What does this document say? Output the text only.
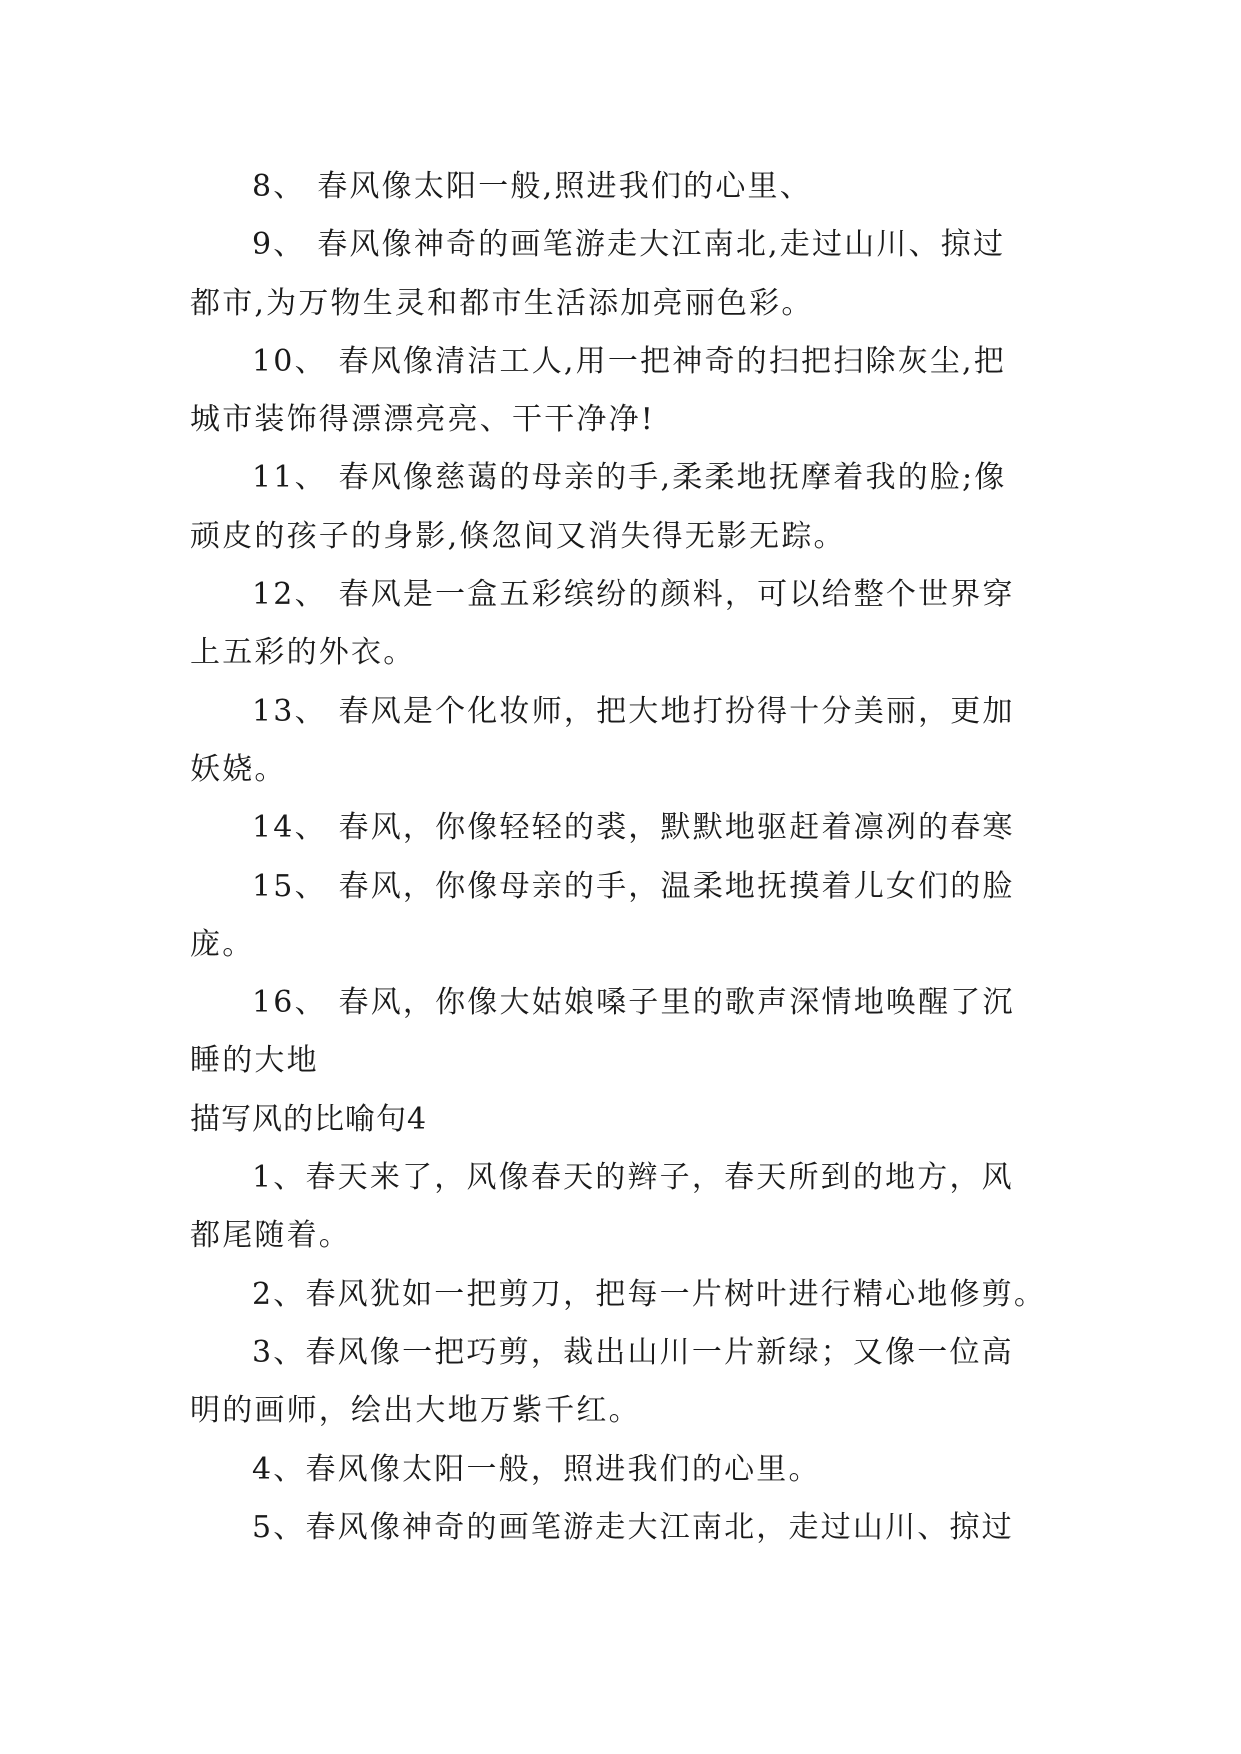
8、 春风像太阳一般,照进我们的心里、
9、 春风像神奇的画笔游走大江南北,走过山川、掠过
都市,为万物生灵和都市生活添加亮丽色彩。
10、 春风像清洁工人,用一把神奇的扫把扫除灰尘,把
城市装饰得漂漂亮亮、干干净净!
11、 春风像慈蔼的母亲的手,柔柔地抚摩着我的脸;像
顽皮的孩子的身影,倏忽间又消失得无影无踪。
12、 春风是一盒五彩缤纷的颜料，可以给整个世界穿
上五彩的外衣。
13、 春风是个化妆师，把大地打扮得十分美丽，更加
妖娆。
14、 春风，你像轻轻的裘，默默地驱赶着凛冽的春寒
15、 春风，你像母亲的手，温柔地抚摸着儿女们的脸
庞。
16、 春风，你像大姑娘嗓子里的歌声深情地唤醒了沉
睡的大地
描写风的比喻句4
1、春天来了，风像春天的辫子，春天所到的地方，风
都尾随着。
2、春风犹如一把剪刀，把每一片树叶进行精心地修剪。
3、春风像一把巧剪，裁出山川一片新绿；又像一位高
明的画师，绘出大地万紫千红。
4、春风像太阳一般，照进我们的心里。
5、春风像神奇的画笔游走大江南北，走过山川、掠过
